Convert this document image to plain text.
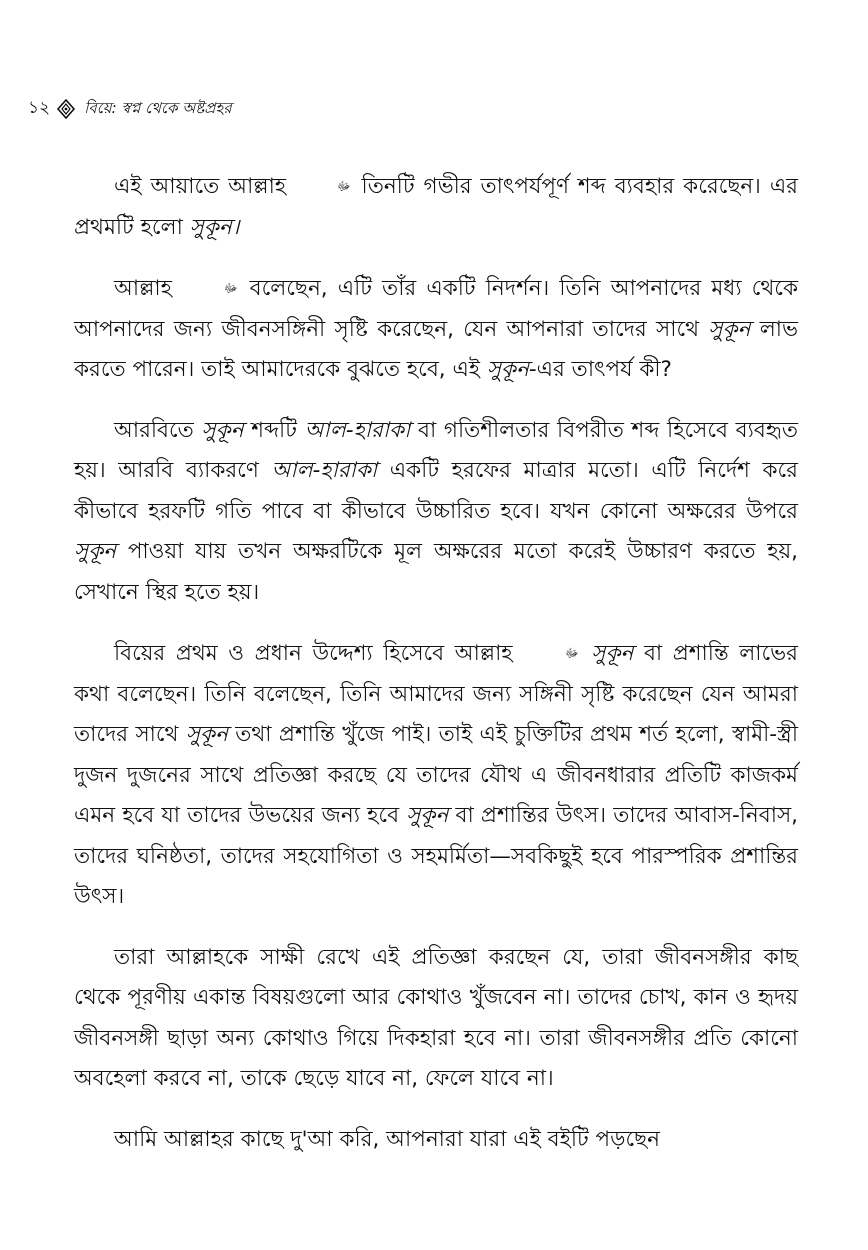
১২ বিয়ে: স্বপ্ন থেকে অষ্টপ্রহর

এই আয়াতে আল্লাহ	ﷻ তিনটি গভীর তাৎপর্যপূর্ণ শব্দ ব্যবহার করেছেন। এর প্রথমটি হলো সুকূন।

আল্লাহ	ﷻ বলেছেন, এটি তাঁর একটি নিদর্শন। তিনি আপনাদের মধ্য থেকে আপনাদের জন্য জীবনসঙ্গিনী সৃষ্টি করেছেন, যেন আপনারা তাদের সাথে সুকূন লাভ করতে পারেন। তাই আমাদেরকে বুঝতে হবে, এই সুকূন-এর তাৎপর্য কী?

আরবিতে সুকূন শব্দটি আল-হারাকা বা গতিশীলতার বিপরীত শব্দ হিসেবে ব্যবহৃত হয়। আরবি ব্যাকরণে আল-হারাকা একটি হরফের মাত্রার মতো। এটি নির্দেশ করে কীভাবে হরফটি গতি পাবে বা কীভাবে উচ্চারিত হবে। যখন কোনো অক্ষরের উপরে সুকূন পাওয়া যায় তখন অক্ষরটিকে মূল অক্ষরের মতো করেই উচ্চারণ করতে হয়, সেখানে স্থির হতে হয়।

বিয়ের প্রথম ও প্রধান উদ্দেশ্য হিসেবে আল্লাহ	ﷻ সুকূন বা প্রশান্তি লাভের কথা বলেছেন। তিনি বলেছেন, তিনি আমাদের জন্য সঙ্গিনী সৃষ্টি করেছেন যেন আমরা তাদের সাথে সুকূন তথা প্রশান্তি খুঁজে পাই। তাই এই চুক্তিটির প্রথম শর্ত হলো, স্বামী-স্ত্রী দুজন দুজনের সাথে প্রতিজ্ঞা করছে যে তাদের যৌথ এ জীবনধারার প্রতিটি কাজকর্ম এমন হবে যা তাদের উভয়ের জন্য হবে সুকূন বা প্রশান্তির উৎস। তাদের আবাস-নিবাস, তাদের ঘনিষ্ঠতা, তাদের সহযোগিতা ও সহমর্মিতা—সবকিছুই হবে পারস্পরিক প্রশান্তির উৎস।

তারা আল্লাহকে সাক্ষী রেখে এই প্রতিজ্ঞা করছেন যে, তারা জীবনসঙ্গীর কাছ থেকে পূরণীয় একান্ত বিষয়গুলো আর কোথাও খুঁজবেন না। তাদের চোখ, কান ও হৃদয় জীবনসঙ্গী ছাড়া অন্য কোথাও গিয়ে দিকহারা হবে না। তারা জীবনসঙ্গীর প্রতি কোনো অবহেলা করবে না, তাকে ছেড়ে যাবে না, ফেলে যাবে না।

আমি আল্লাহর কাছে দু'আ করি, আপনারা যারা এই বইটি পড়ছেন
